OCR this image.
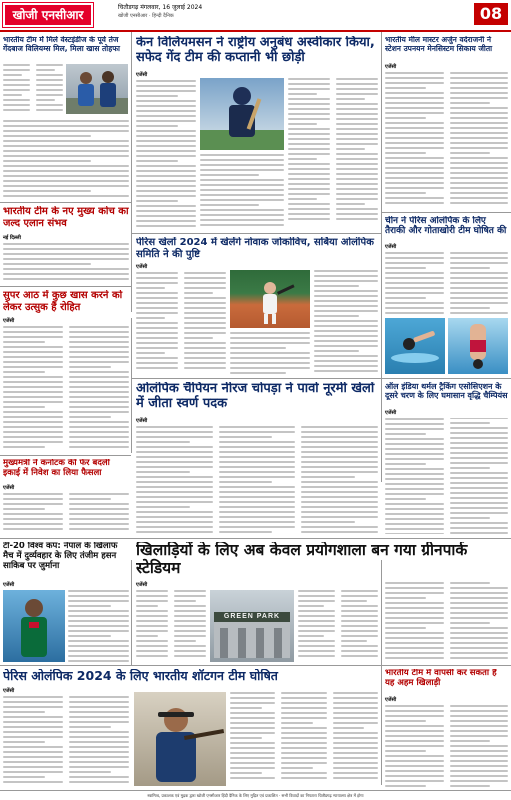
खोजी एनसीआर
चितौडगढ़ मंगलवार, 16 जुलाई 2024
खोजी एनसीआर · हिन्दी दैनिक	08
भारतीय टीम में मिले वेस्टइंडीज के पूर्व तेज गेंदबाज विलियम्स मिल, मिला खास तोहफा
भारतीय टीम के नए मुख्य कोच का जल्द एलान संभव
नई दिल्ली
केन विलियमसन ने राष्ट्रीय अनुबंध अस्वीकार किया, सफेद गेंद टीम की कप्तानी भी छोड़ी
एजेंसी
भारतीय मील मास्टर अर्जुन वर्दराजनी ने स्टेशन उपनयन मेनसिस्टम सिकाय जीता
एजेंसी
सुपर आठ में कुछ खास करने को लेकर उत्सुक हैं रोहित
एजेंसी
पेरिस खेलों 2024 में खेलेंगे नोवाक जोकोविच, सर्बिया ओलंपिक समिति ने की पुष्टि
एजेंसी
चीन ने पेरिस ओलंपिक के लिए तैराकी और गोताखोरी टीम घोषित की
एजेंसी
ओलंपिक चैंपियन नीरज चोपड़ा ने पावो नूरमी खेलों में जीता स्वर्ण पदक
एजेंसी
ऑल इंडिया थर्मल ट्रैकिंग एसोसिएशन के दूसरे चरण के लिए घमासान वृद्धि चैम्पियंस
एजेंसी
मुख्यमंत्री ने कर्नाटक की फेर बदली इकाई में निवेश का लिया फैसला
एजेंसी
टी-20 विश्व कप: नेपाल के खिलाफ मैच में दुर्व्यवहार के लिए तंजीम हसन साकिब पर जुर्माना
एजेंसी
खिलाड़ियों के लिए अब केवल प्रयोगशाला बन गया ग्रीनपार्क स्टेडियम
एजेंसी
GREEN PARK
पेरिस ओलंपिक 2024 के लिए भारतीय शॉटगन टीम घोषित
एजेंसी
भारतीय टीम में वापसी कर सकता है यह अहम खिलाड़ी
एजेंसी
स्वामित्व, प्रकाशक एवं मुद्रक द्वारा खोजी एनसीआर हिंदी दैनिक के लिए मुद्रित एवं प्रकाशित · सभी विवादों का निपटारा चितौडगढ़ न्यायालय क्षेत्र में होगा
